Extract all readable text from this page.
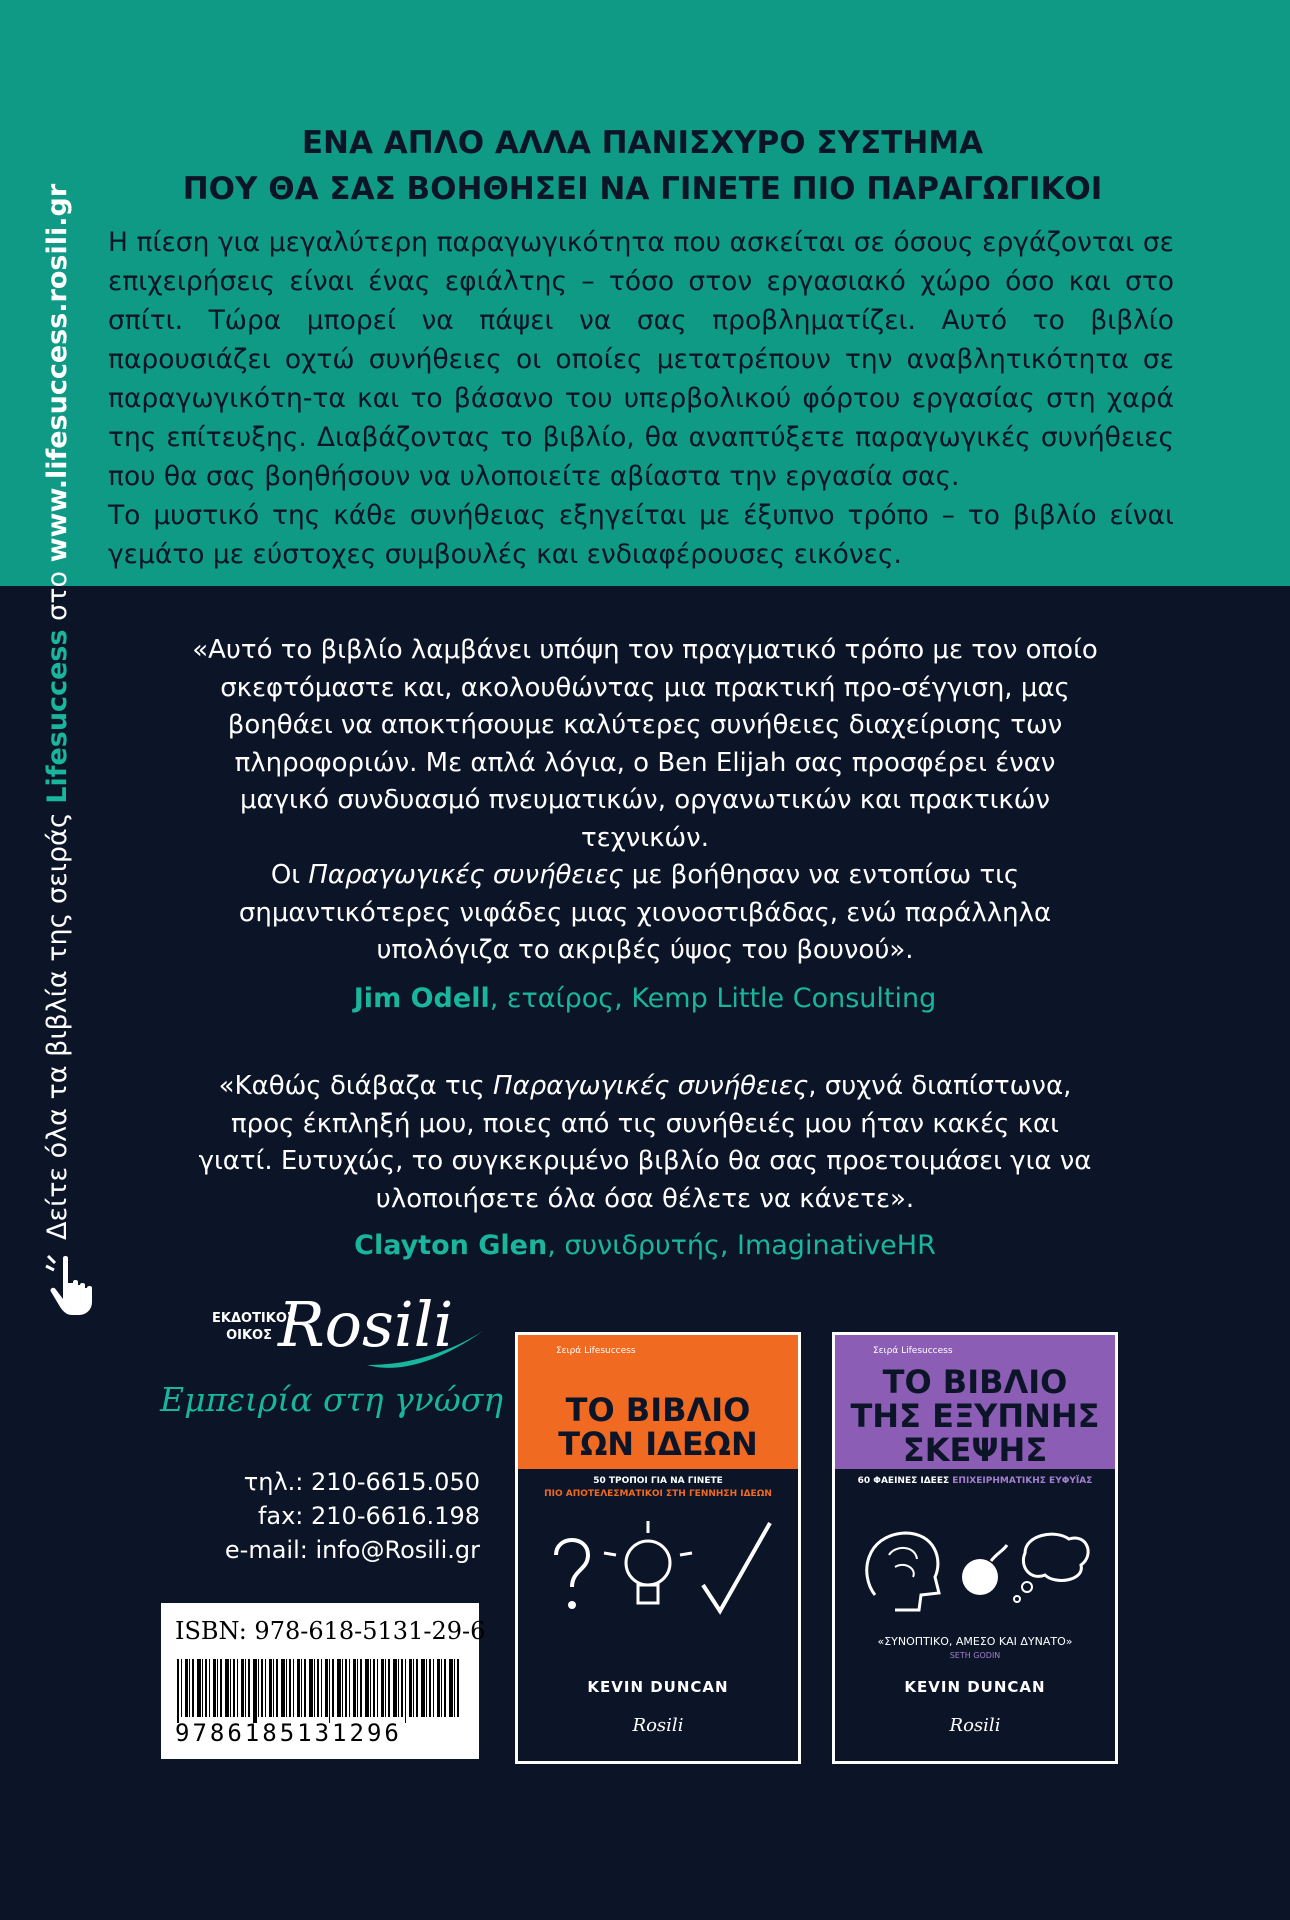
ΕΝΑ ΑΠΛΟ ΑΛΛΑ ΠΑΝΙΣΧΥΡΟ ΣΥΣΤΗΜΑ
ΠΟΥ ΘΑ ΣΑΣ ΒΟΗΘΗΣΕΙ ΝΑ ΓΙΝΕΤΕ ΠΙΟ ΠΑΡΑΓΩΓΙΚΟΙ

Η πίεση για μεγαλύτερη παραγωγικότητα που ασκείται σε όσους εργάζονται σε επιχειρήσεις είναι ένας εφιάλτης – τόσο στον εργασιακό χώρο όσο και στο σπίτι. Τώρα μπορεί να πάψει να σας προβληματίζει. Αυτό το βιβλίο παρουσιάζει οχτώ συνήθειες οι οποίες μετατρέπουν την αναβλητικότητα σε παραγωγικότη-τα και το βάσανο του υπερβολικού φόρτου εργασίας στη χαρά της επίτευξης. Διαβάζοντας το βιβλίο, θα αναπτύξετε παραγωγικές συνήθειες που θα σας βοηθήσουν να υλοποιείτε αβίαστα την εργασία σας.

Το μυστικό της κάθε συνήθειας εξηγείται με έξυπνο τρόπο – το βιβλίο είναι γεμάτο με εύστοχες συμβουλές και ενδιαφέρουσες εικόνες.

Δείτε όλα τα βιβλία της σειράς Lifesuccess στο www.lifesuccess.rosili.gr

«Αυτό το βιβλίο λαμβάνει υπόψη τον πραγματικό τρόπο με τον οποίο σκεφτόμαστε και, ακολουθώντας μια πρακτική προ-σέγγιση, μας βοηθάει να αποκτήσουμε καλύτερες συνήθειες διαχείρισης των πληροφοριών. Με απλά λόγια, ο Ben Elijah σας προσφέρει έναν μαγικό συνδυασμό πνευματικών, οργανωτικών και πρακτικών τεχνικών.

Οι Παραγωγικές συνήθειες με βοήθησαν να εντοπίσω τις σημαντικότερες νιφάδες μιας χιονοστιβάδας, ενώ παράλληλα υπολόγιζα το ακριβές ύψος του βουνού».

Jim Odell, εταίρος, Kemp Little Consulting

«Καθώς διάβαζα τις Παραγωγικές συνήθειες, συχνά διαπίστωνα, προς έκπληξή μου, ποιες από τις συνήθειές μου ήταν κακές και γιατί. Ευτυχώς, το συγκεκριμένο βιβλίο θα σας προετοιμάσει για να υλοποιήσετε όλα όσα θέλετε να κάνετε».

Clayton Glen, συνιδρυτής, ImaginativeHR
ΕΚΔΟΤΙΚΟΣ
ΟΙΚΟΣ Rosili
Εμπειρία στη γνώση
τηλ.: 210-6615.050
fax: 210-6616.198
e-mail: info@Rosili.gr
ISBN: 978-618-5131-29-6
9786185131296
Σειρά Lifesuccess
ΤΟ ΒΙΒΛΙΟ
ΤΩΝ ΙΔΕΩΝ
50 ΤΡΟΠΟΙ ΓΙΑ ΝΑ ΓΙΝΕΤΕ
ΠΙΟ ΑΠΟΤΕΛΕΣΜΑΤΙΚΟΙ ΣΤΗ ΓΕΝΝΗΣΗ ΙΔΕΩΝ
KEVIN DUNCAN
Rosili
Σειρά Lifesuccess
ΤΟ ΒΙΒΛΙΟ
ΤΗΣ ΕΞΥΠΝΗΣ
ΣΚΕΨΗΣ
60 ΦΑΕΙΝΕΣ ΙΔΕΕΣ ΕΠΙΧΕΙΡΗΜΑΤΙΚΗΣ ΕΥΦΥΪΑΣ
«ΣΥΝΟΠΤΙΚΟ, ΑΜΕΣΟ ΚΑΙ ΔΥΝΑΤΟ»
SETH GODIN
KEVIN DUNCAN
Rosili
